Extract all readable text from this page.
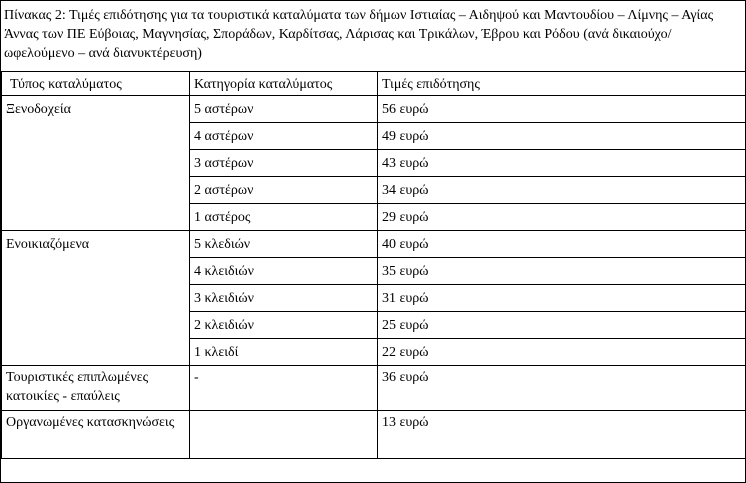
Πίνακας 2: Τιμές επιδότησης για τα τουριστικά καταλύματα των δήμων Ιστιαίας – Αιδηψού και Μαντουδίου – Λίμνης – Αγίας Άννας των ΠΕ Εύβοιας, Μαγνησίας, Σποράδων, Καρδίτσας, Λάρισας και Τρικάλων, Έβρου και Ρόδου (ανά δικαιούχο/ωφελούμενο – ανά διανυκτέρευση)

Τύπος καταλύματος	Κατηγορία καταλύματος	Τιμές επιδότησης
Ξενοδοχεία	5 αστέρων	56 ευρώ
	4 αστέρων	49 ευρώ
	3 αστέρων	43 ευρώ
	2 αστέρων	34 ευρώ
	1 αστέρος	29 ευρώ
Ενοικιαζόμενα	5 κλεδιών	40 ευρώ
	4 κλειδιών	35 ευρώ
	3 κλειδιών	31 ευρώ
	2 κλειδιών	25 ευρώ
	1 κλειδί	22 ευρώ
Τουριστικές επιπλωμένες κατοικίες - επαύλεις	-	36 ευρώ
Οργανωμένες κατασκηνώσεις		13 ευρώ
